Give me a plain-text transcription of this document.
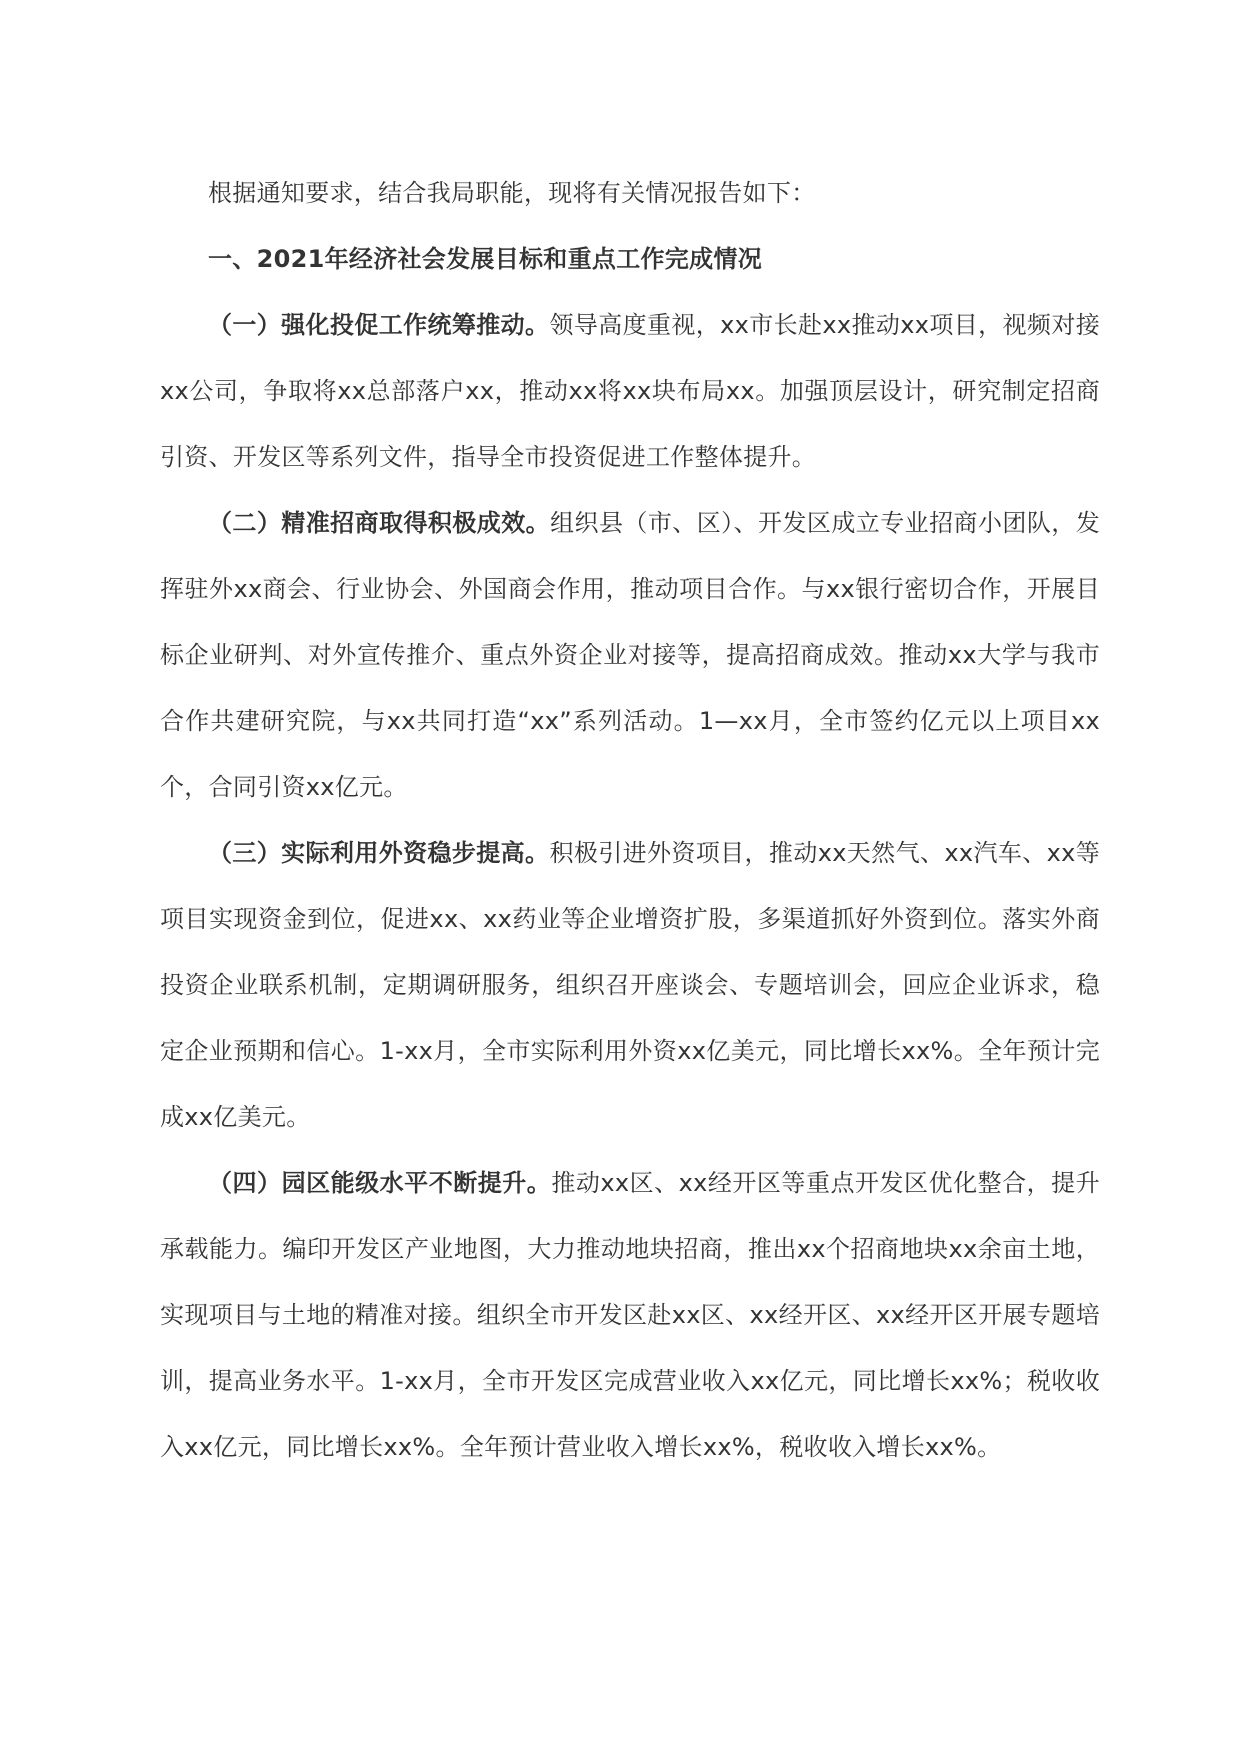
根据通知要求，结合我局职能，现将有关情况报告如下：

一、2021年经济社会发展目标和重点工作完成情况

（一）强化投促工作统筹推动。领导高度重视，xx市长赴xx推动xx项目，视频对接xx公司，争取将xx总部落户xx，推动xx将xx块布局xx。加强顶层设计，研究制定招商引资、开发区等系列文件，指导全市投资促进工作整体提升。

（二）精准招商取得积极成效。组织县（市、区）、开发区成立专业招商小团队，发挥驻外xx商会、行业协会、外国商会作用，推动项目合作。与xx银行密切合作，开展目标企业研判、对外宣传推介、重点外资企业对接等，提高招商成效。推动xx大学与我市合作共建研究院，与xx共同打造“xx”系列活动。1—xx月，全市签约亿元以上项目xx个，合同引资xx亿元。

（三）实际利用外资稳步提高。积极引进外资项目，推动xx天然气、xx汽车、xx等项目实现资金到位，促进xx、xx药业等企业增资扩股，多渠道抓好外资到位。落实外商投资企业联系机制，定期调研服务，组织召开座谈会、专题培训会，回应企业诉求，稳定企业预期和信心。1-xx月，全市实际利用外资xx亿美元，同比增长xx%。全年预计完成xx亿美元。

（四）园区能级水平不断提升。推动xx区、xx经开区等重点开发区优化整合，提升承载能力。编印开发区产业地图，大力推动地块招商，推出xx个招商地块xx余亩土地，实现项目与土地的精准对接。组织全市开发区赴xx区、xx经开区、xx经开区开展专题培训，提高业务水平。1-xx月，全市开发区完成营业收入xx亿元，同比增长xx%；税收收入xx亿元，同比增长xx%。全年预计营业收入增长xx%，税收收入增长xx%。
